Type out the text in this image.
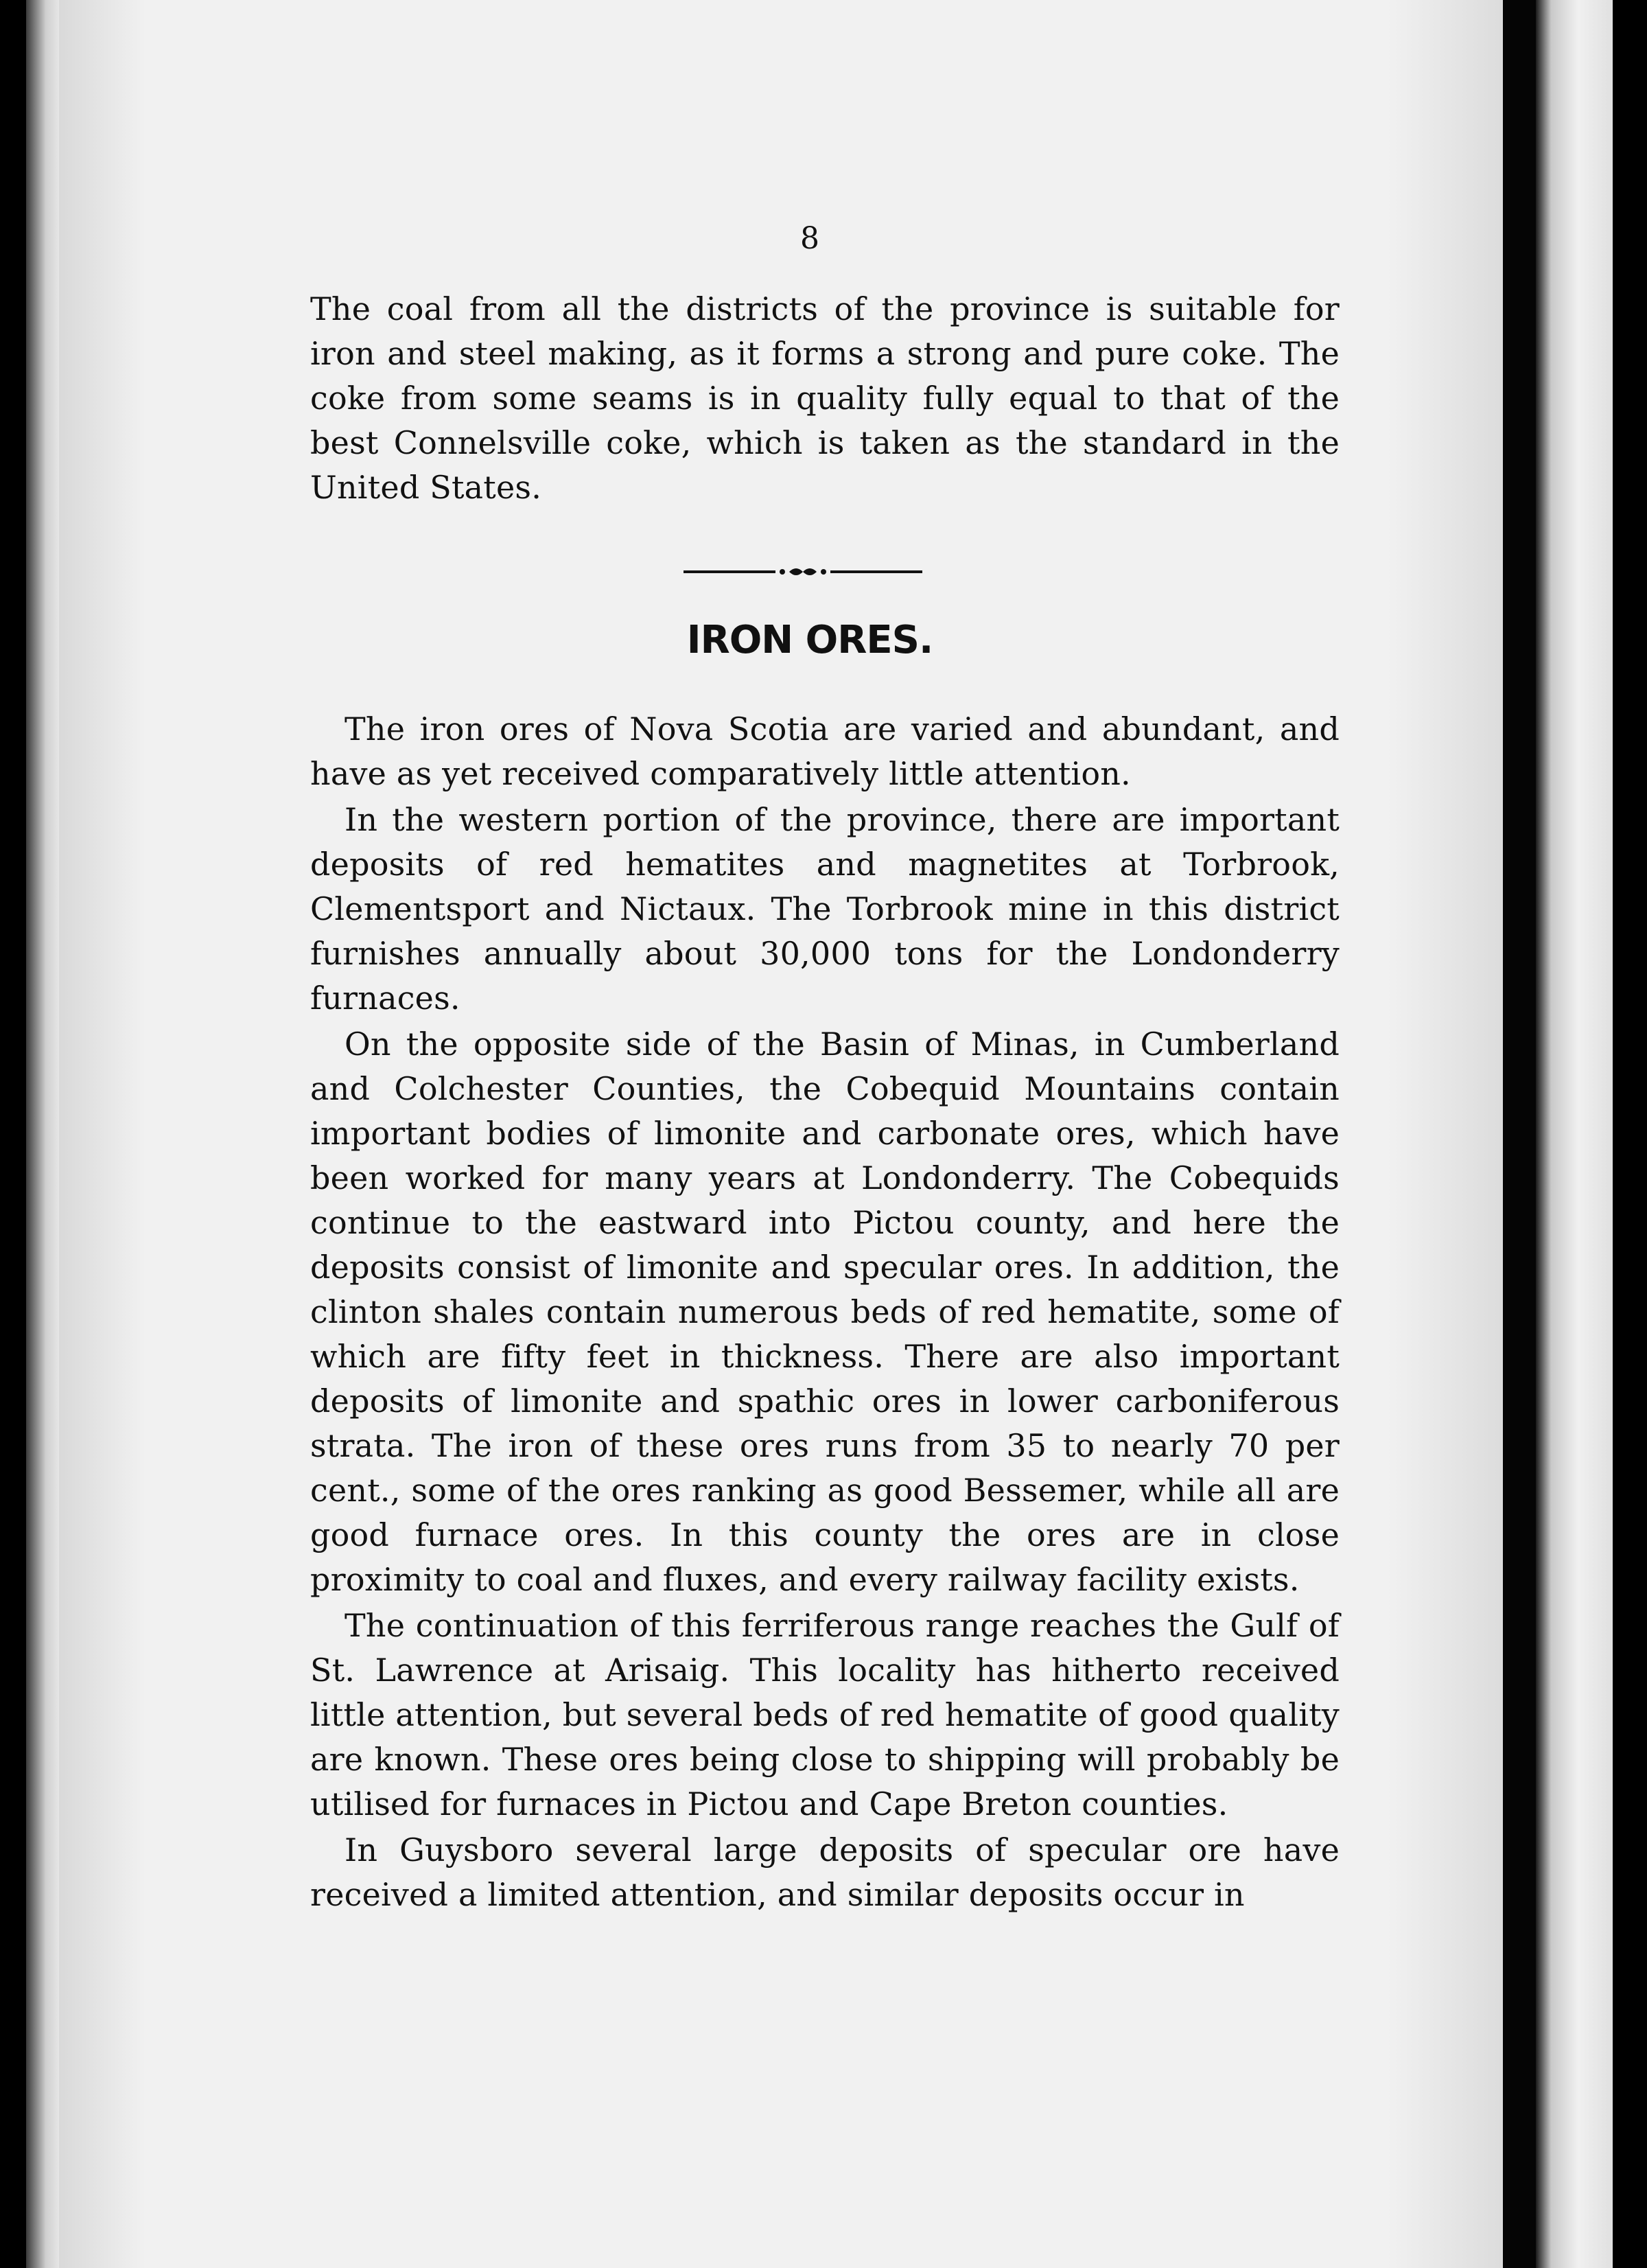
8

The coal from all the districts of the province is suitable for iron and steel making, as it forms a strong and pure coke. The coke from some seams is in quality fully equal to that of the best Connelsville coke, which is taken as the standard in the United States.

IRON ORES.

The iron ores of Nova Scotia are varied and abundant, and have as yet received comparatively little attention.

In the western portion of the province, there are important deposits of red hematites and magnetites at Torbrook, Clementsport and Nictaux. The Torbrook mine in this district furnishes annually about 30,000 tons for the Londonderry furnaces.

On the opposite side of the Basin of Minas, in Cumberland and Colchester Counties, the Cobequid Mountains contain important bodies of limonite and carbonate ores, which have been worked for many years at Londonderry. The Cobequids continue to the eastward into Pictou county, and here the deposits consist of limonite and specular ores. In addition, the clinton shales contain numerous beds of red hematite, some of which are fifty feet in thickness. There are also important deposits of limonite and spathic ores in lower carboniferous strata. The iron of these ores runs from 35 to nearly 70 per cent., some of the ores ranking as good Bessemer, while all are good furnace ores. In this county the ores are in close proximity to coal and fluxes, and every railway facility exists.

The continuation of this ferriferous range reaches the Gulf of St. Lawrence at Arisaig. This locality has hitherto received little attention, but several beds of red hematite of good quality are known. These ores being close to shipping will probably be utilised for furnaces in Pictou and Cape Breton counties.

In Guysboro several large deposits of specular ore have received a limited attention, and similar deposits occur in
